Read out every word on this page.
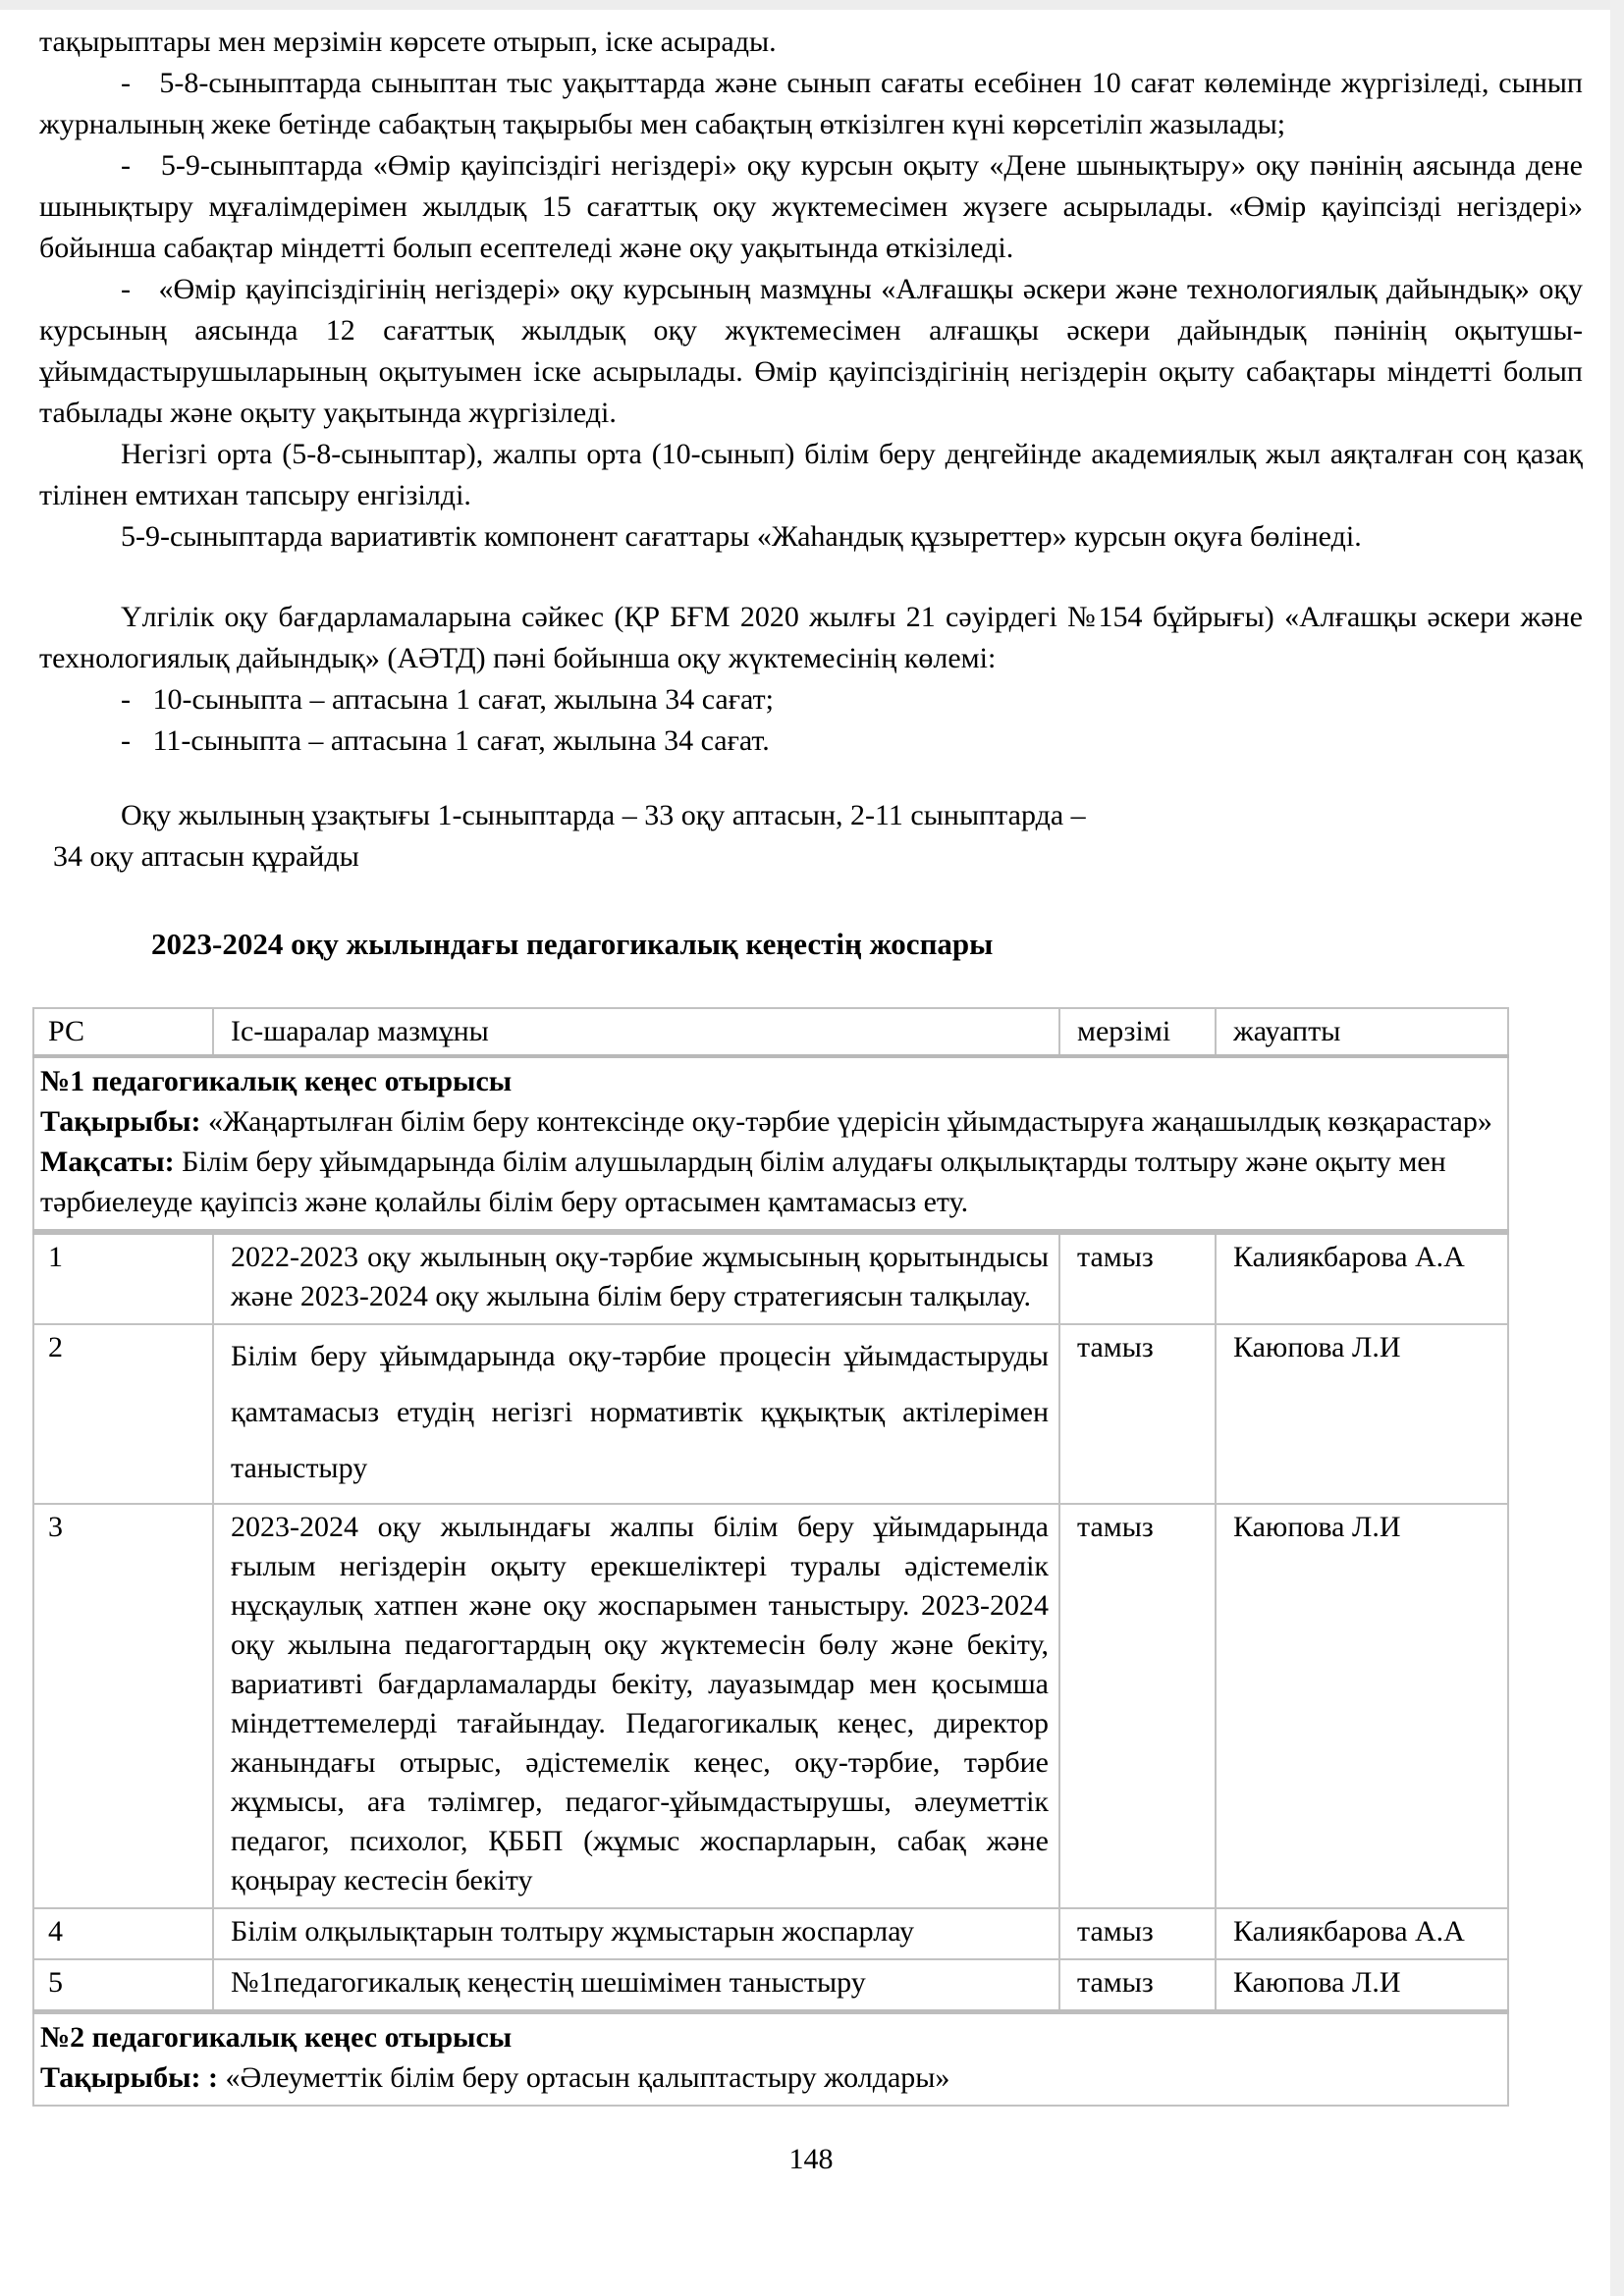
тақырыптары мен мерзімін көрсете отырып, іске асырады.

-   5-8-сыныптарда сыныптан тыс уақыттарда және сынып сағаты есебінен 10 сағат көлемінде жүргізіледі, сынып журналының жеке бетінде сабақтың тақырыбы мен сабақтың өткізілген күні көрсетіліп жазылады;

-   5-9-сыныптарда «Өмір қауіпсіздігі негіздері» оқу курсын оқыту «Дене шынықтыру» оқу пәнінің аясында дене шынықтыру мұғалімдерімен жылдық 15 сағаттық оқу жүктемесімен жүзеге асырылады. «Өмір қауіпсізді негіздері» бойынша сабақтар міндетті болып есептеледі және оқу уақытында өткізіледі.

-   «Өмір қауіпсіздігінің негіздері» оқу курсының мазмұны «Алғашқы әскери және технологиялық дайындық» оқу курсының аясында 12 сағаттық жылдық оқу жүктемесімен алғашқы әскери дайындық пәнінің оқытушы-ұйымдастырушыларының оқытуымен іске асырылады. Өмір қауіпсіздігінің негіздерін оқыту сабақтары міндетті болып табылады және оқыту уақытында жүргізіледі.

Негізгі орта (5-8-сыныптар), жалпы орта (10-сынып) білім беру деңгейінде академиялық жыл аяқталған соң қазақ тілінен емтихан тапсыру енгізілді.

5-9-сыныптарда вариативтік компонент сағаттары «Жаһандық құзыреттер» курсын оқуға бөлінеді.

Үлгілік оқу бағдарламаларына сәйкес (ҚР БҒМ 2020 жылғы 21 сәуірдегі №154 бұйрығы) «Алғашқы әскери және технологиялық дайындық» (АӘТД) пәні бойынша оқу жүктемесінің көлемі:

-   10-сыныпта – аптасына 1 сағат, жылына 34 сағат;

-   11-сыныпта – аптасына 1 сағат, жылына 34 сағат.

Оқу жылының ұзақтығы 1-сыныптарда – 33 оқу аптасын, 2-11 сыныптарда –
34 оқу аптасын құрайды
2023-2024 оқу жылындағы педагогикалық кеңестің жоспары
РС	Іс-шаралар мазмұны	мерзімі	жауапты

№1 педагогикалық кеңес отырысы
Тақырыбы: «Жаңартылған білім беру контексінде оқу-тәрбие үдерісін ұйымдастыруға жаңашылдық көзқарастар»
Мақсаты: Білім беру ұйымдарында білім алушылардың білім алудағы олқылықтарды толтыру және оқыту мен тәрбиелеуде қауіпсіз және қолайлы білім беру ортасымен қамтамасыз ету.			

1	2022-2023 оқу жылының оқу-тәрбие жұмысының қорытындысы және 2023-2024 оқу жылына білім беру стратегиясын талқылау.	тамыз	Калиякбарова А.А
2	Білім беру ұйымдарында оқу-тәрбие процесін ұйымдастыруды қамтамасыз етудің негізгі нормативтік құқықтық актілерімен таныстыру	тамыз	Каюпова Л.И
3	2023-2024 оқу жылындағы жалпы білім беру ұйымдарында ғылым негіздерін оқыту ерекшеліктері туралы әдістемелік нұсқаулық хатпен және оқу жоспарымен таныстыру. 2023-2024 оқу жылына педагогтардың оқу жүктемесін бөлу және бекіту, вариативті бағдарламаларды бекіту, лауазымдар мен қосымша міндеттемелерді тағайындау. Педагогикалық кеңес, директор жанындағы отырыс, әдістемелік кеңес, оқу-тәрбие, тәрбие жұмысы, аға тәлімгер, педагог-ұйымдастырушы, әлеуметтік педагог, психолог, ҚББП (жұмыс жоспарларын, сабақ және қоңырау кестесін бекіту	тамыз	Каюпова Л.И
4	Білім олқылықтарын толтыру жұмыстарын жоспарлау	тамыз	Калиякбарова А.А
5	№1педагогикалық кеңестің шешімімен таныстыру	тамыз	Каюпова Л.И

№2 педагогикалық кеңес отырысы
Тақырыбы: : «Әлеуметтік білім беру ортасын қалыптастыру жолдары»			
148
